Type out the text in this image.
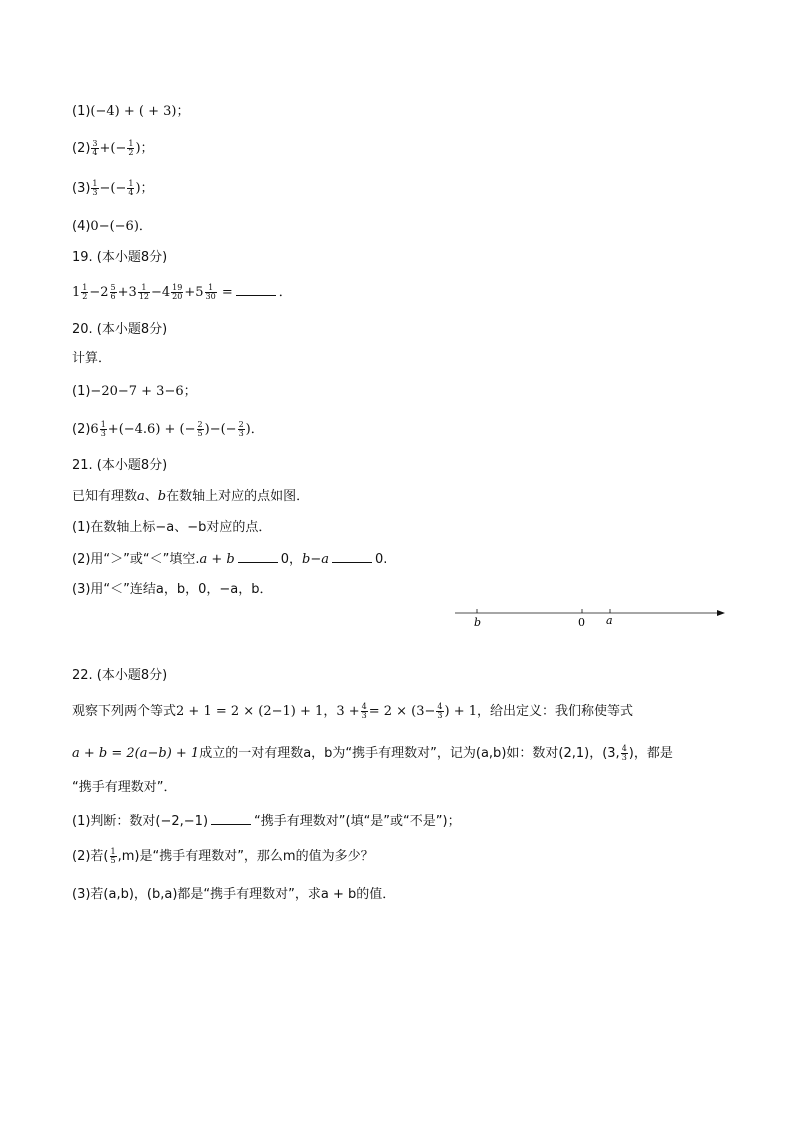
(1)(−4) + ( + 3)；
$(2) \frac{3}{4}$ +(− $\frac{1}{2}$ )；
$(3) \frac{1}{3}$ −(− $\frac{1}{4}$ )；
(4)0−(−6)．
19. (本小题8分)
$1 \frac{1}{2} -2 \frac{5}{6} +3 \frac{1}{12} -4 \frac{19}{20} +5 \frac{1}{30}$ =	．
20. (本小题8分)
计算．
(1)−20−7 + 3−6；
$(2)6 \frac{1}{3} +(-4.6)$ + (− $\frac{2}{5}$ )−(− $\frac{2}{3}$ )．
21. (本小题8分)
已知有理数a、b在数轴上对应的点如图．
(1)在数轴上标−a、−b对应的点．
(2)用“＞”或“＜”填空.a + b	0，b−a	0.
(3)用“＜”连结a，b，0，−a，b．
b	0 a
22. (本小题8分)
观察下列两个等式2 + 1 = 2 × (2−1) + 1，$3 + \frac{4}{3} = 2 \times (3- \frac{4}{3}$ ) + 1，给出定义：我们称使等式
a + b = 2(a−b) + 1成立的一对有理数a，b为“携手有理数对”，记为(a,b)如：数对(2,1)，(3, $\frac{4}{3}$ )，都是
“携手有理数对”．
(1)判断：数对(−2,−1)	“携手有理数对”(填“是”或“不是”)；
(2)若( $\frac{1}{5} ,m$)是“携手有理数对”，那么m的值为多少？
(3)若(a,b)，(b,a)都是“携手有理数对”，求a + b的值．
